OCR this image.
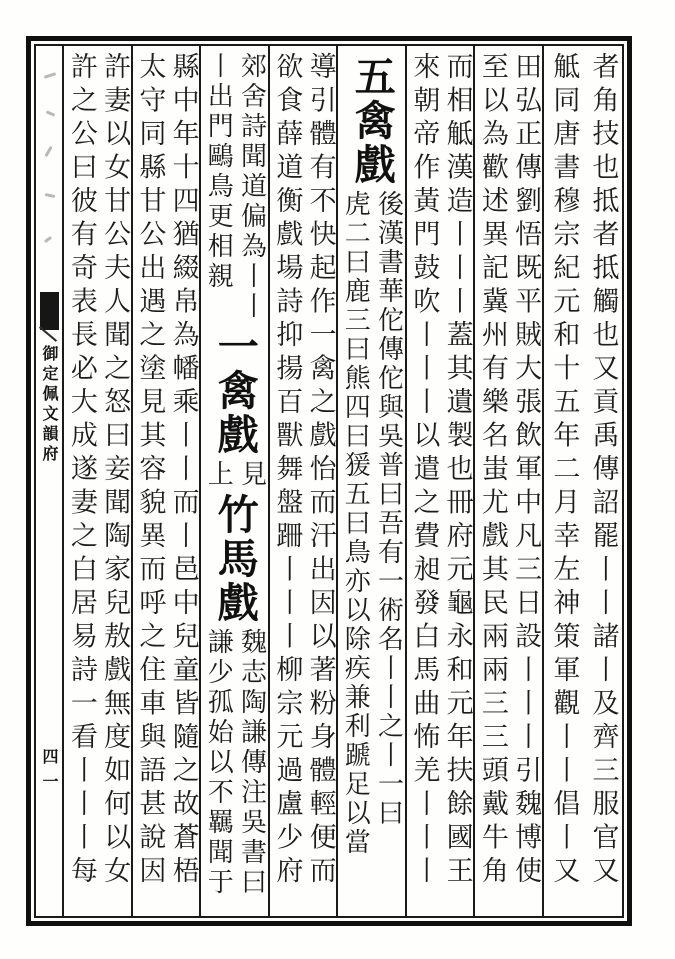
御定佩文韻府
四一	者角技也抵者抵觸也又貢禹傳詔罷丨丨諸丨及齊三服官又
觝同唐書穆宗紀元和十五年二月幸左神策軍觀丨丨倡丨又
田弘正傳劉悟既平賊大張飲軍中凡三日設丨丨丨引魏博使
至以為歡述異記冀州有樂名蚩尤戲其民兩兩三三頭戴牛角
而相觝漢造丨丨丨蓋其遺製也冊府元龜永和元年扶餘國王
來朝帝作黃門鼓吹丨丨丨以遣之費昶發白馬曲怖羌丨丨丨
五禽戲
後漢書華佗傳佗與吳普曰吾有一術名丨丨之丨一曰
虎二曰鹿三曰熊四曰猨五曰鳥亦以除疾兼利蹏足以當
導引體有不快起作一禽之戲怡而汗出因以著粉身體輕便而
欲食薛道衡戲場詩抑揚百獸舞盤跚丨丨丨柳宗元過盧少府
郊舍詩聞道偏為丨丨
丨出門鷗鳥更相親
一禽戲
見
上
竹馬戲
魏志陶謙傳注吳書曰
謙少孤始以不羈聞于
縣中年十四猶綴帛為幡乘丨丨而丨邑中兒童皆隨之故蒼梧
太守同縣甘公出遇之塗見其容貌異而呼之住車與語甚說因
許妻以女甘公夫人聞之怒曰妾聞陶家兒敖戲無度如何以女
許之公曰彼有奇表長必大成遂妻之白居易詩一看丨丨丨每
